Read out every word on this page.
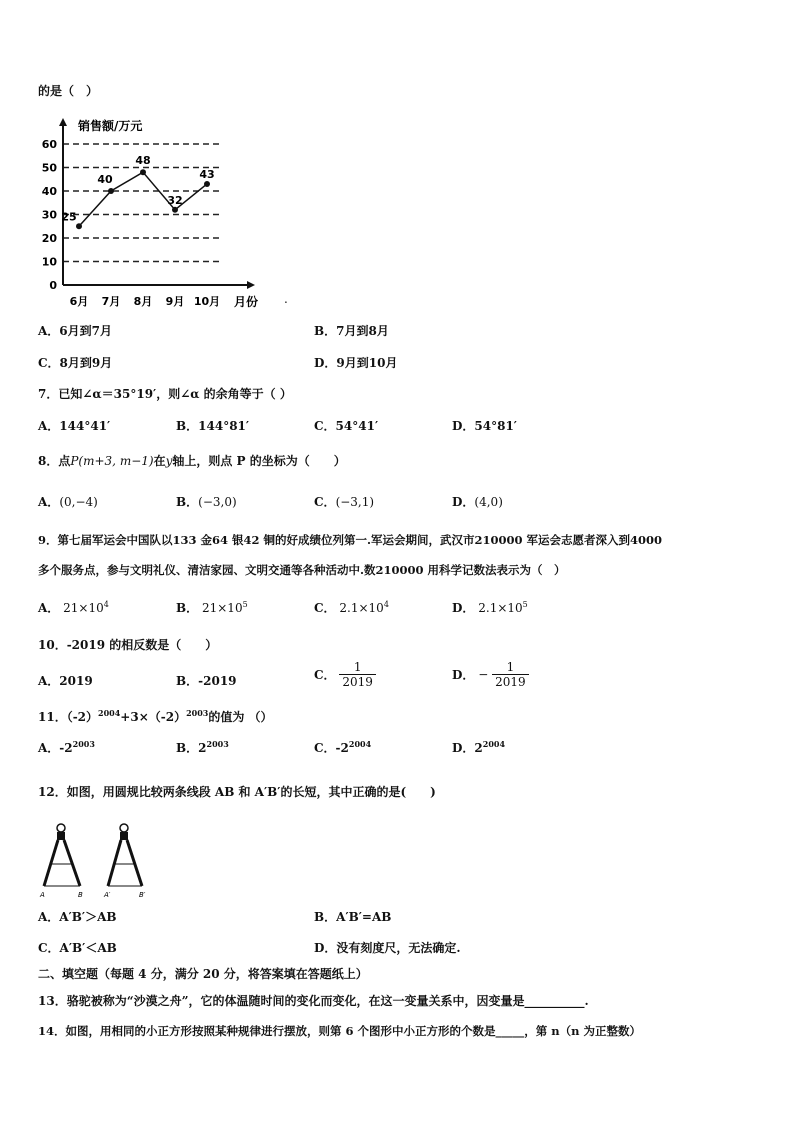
的是（　）
0
10
20
30
40
50
60
6月 7月 8月 9月 10月
25
40
48
32
43
销售额/万元
月份 .
A．6月到7月	B．7月到8月
C．8月到9月	D．9月到10月
7．已知∠α＝35°19′，则∠α 的余角等于（ ）
A．144°41′	B．144°81′	C．54°41′	D．54°81′
8．点P(m+3, m−1)在y轴上，则点 P 的坐标为（　　）
A．(0,−4)	B．(−3,0)	C．(−3,1)	D．(4,0)
9．第七届军运会中国队以133 金64 银42 铜的好成绩位列第一.军运会期间，武汉市210000 军运会志愿者深入到4000
多个服务点，参与文明礼仪、清洁家园、文明交通等各种活动中.数210000 用科学记数法表示为（　）
A． $21\times 10^4$	B． $21\times 10^5$	C． $2.1\times 10^4$	D． $2.1\times 10^5$
10．-2019 的相反数是（　　）
A．2019	B．-2019	C． $\frac{1}{2019}$	D． − $\frac{1}{2019}$
11．$(-2)^{2004}+3\times(-2)^{2003}$的值为 （）
A．$-2^{2003}$	B．$2^{2003}$	C．$-2^{2004}$	D．$2^{2004}$
12．如图，用圆规比较两条线段 AB 和 A′B′的长短，其中正确的是(　　)
A	B	A′	B′
A．A′B′＞AB	B．A′B′=AB
C．A′B′＜AB	D．没有刻度尺，无法确定.
二、填空题（每题 4 分，满分 20 分，将答案填在答题纸上）
13．骆驼被称为“沙漠之舟”，它的体温随时间的变化而变化，在这一变量关系中，因变量是__________.
14．如图，用相同的小正方形按照某种规律进行摆放，则第 6 个图形中小正方形的个数是_____，第 n（n 为正整数）
